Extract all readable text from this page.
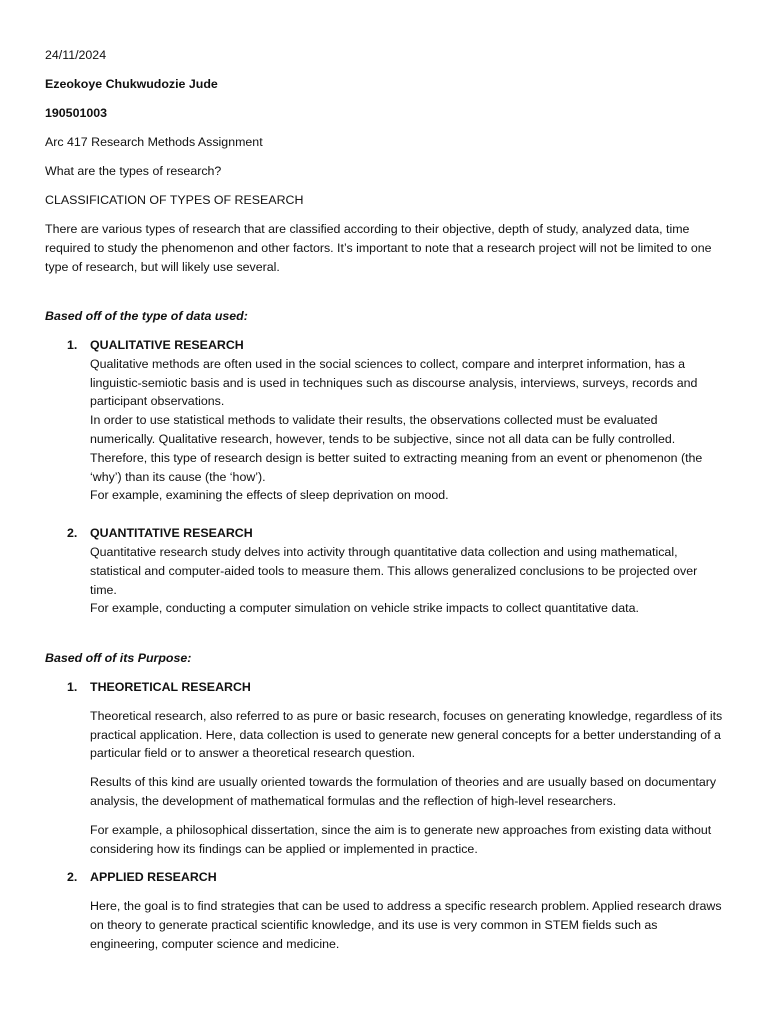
24/11/2024

Ezeokoye Chukwudozie Jude

190501003

Arc 417 Research Methods Assignment

What are the types of research?

CLASSIFICATION OF TYPES OF RESEARCH

There are various types of research that are classified according to their objective, depth of study, analyzed data, time required to study the phenomenon and other factors. It’s important to note that a research project will not be limited to one type of research, but will likely use several.

Based off of the type of data used:

1. QUALITATIVE RESEARCH

Qualitative methods are often used in the social sciences to collect, compare and interpret information, has a linguistic-semiotic basis and is used in techniques such as discourse analysis, interviews, surveys, records and participant observations.

In order to use statistical methods to validate their results, the observations collected must be evaluated numerically. Qualitative research, however, tends to be subjective, since not all data can be fully controlled. Therefore, this type of research design is better suited to extracting meaning from an event or phenomenon (the ‘why’) than its cause (the ‘how’).

For example, examining the effects of sleep deprivation on mood.

2. QUANTITATIVE RESEARCH

Quantitative research study delves into activity through quantitative data collection and using mathematical, statistical and computer-aided tools to measure them. This allows generalized conclusions to be projected over time.

For example, conducting a computer simulation on vehicle strike impacts to collect quantitative data.

Based off of its Purpose:

1. THEORETICAL RESEARCH

Theoretical research, also referred to as pure or basic research, focuses on generating knowledge, regardless of its practical application. Here, data collection is used to generate new general concepts for a better understanding of a particular field or to answer a theoretical research question.

Results of this kind are usually oriented towards the formulation of theories and are usually based on documentary analysis, the development of mathematical formulas and the reflection of high-level researchers.

For example, a philosophical dissertation, since the aim is to generate new approaches from existing data without considering how its findings can be applied or implemented in practice.

2. APPLIED RESEARCH

Here, the goal is to find strategies that can be used to address a specific research problem. Applied research draws on theory to generate practical scientific knowledge, and its use is very common in STEM fields such as engineering, computer science and medicine.
